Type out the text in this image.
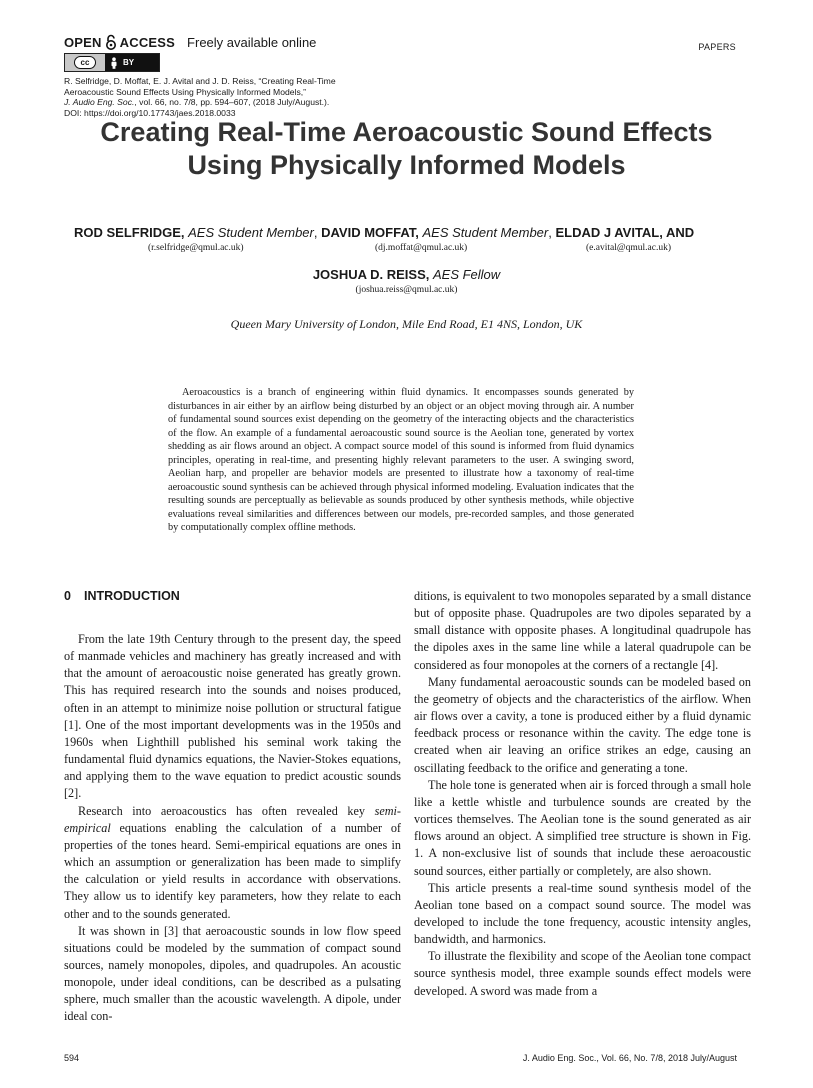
OPEN ACCESS Freely available online
cc	BY
PAPERS
R. Selfridge, D. Moffat, E. J. Avital and J. D. Reiss, “Creating Real-Time
Aeroacoustic Sound Effects Using Physically Informed Models,”
J. Audio Eng. Soc., vol. 66, no. 7/8, pp. 594–607, (2018 July/August.).
DOI: https://doi.org/10.17743/jaes.2018.0033
Creating Real-Time Aeroacoustic Sound Effects
Using Physically Informed Models
ROD SELFRIDGE, AES Student Member, DAVID MOFFAT, AES Student Member, ELDAD J AVITAL, AND
(r.selfridge@qmul.ac.uk)	(dj.moffat@qmul.ac.uk)	(e.avital@qmul.ac.uk)
JOSHUA D. REISS, AES Fellow
(joshua.reiss@qmul.ac.uk)
Queen Mary University of London, Mile End Road, E1 4NS, London, UK
Aeroacoustics is a branch of engineering within fluid dynamics. It encompasses sounds generated by disturbances in air either by an airflow being disturbed by an object or an object moving through air. A number of fundamental sound sources exist depending on the geometry of the interacting objects and the characteristics of the flow. An example of a fundamental aeroacoustic sound source is the Aeolian tone, generated by vortex shedding as air flows around an object. A compact source model of this sound is informed from fluid dynamics principles, operating in real-time, and presenting highly relevant parameters to the user. A swinging sword, Aeolian harp, and propeller are behavior models are presented to illustrate how a taxonomy of real-time aeroacoustic sound synthesis can be achieved through physical informed modeling. Evaluation indicates that the resulting sounds are perceptually as believable as sounds produced by other synthesis methods, while objective evaluations reveal similarities and differences between our models, pre-recorded samples, and those generated by computationally complex offline methods.
0 INTRODUCTION

From the late 19th Century through to the present day, the speed of manmade vehicles and machinery has greatly increased and with that the amount of aeroacoustic noise generated has greatly grown. This has required research into the sounds and noises produced, often in an attempt to minimize noise pollution or structural fatigue [1]. One of the most important developments was in the 1950s and 1960s when Lighthill published his seminal work taking the fundamental fluid dynamics equations, the Navier-Stokes equations, and applying them to the wave equation to predict acoustic sounds [2].

Research into aeroacoustics has often revealed key semi-empirical equations enabling the calculation of a number of properties of the tones heard. Semi-empirical equations are ones in which an assumption or generalization has been made to simplify the calculation or yield results in accordance with observations. They allow us to identify key parameters, how they relate to each other and to the sounds generated.

It was shown in [3] that aeroacoustic sounds in low flow speed situations could be modeled by the summation of compact sound sources, namely monopoles, dipoles, and quadrupoles. An acoustic monopole, under ideal conditions, can be described as a pulsating sphere, much smaller than the acoustic wavelength. A dipole, under ideal con-

ditions, is equivalent to two monopoles separated by a small distance but of opposite phase. Quadrupoles are two dipoles separated by a small distance with opposite phases. A longitudinal quadrupole has the dipoles axes in the same line while a lateral quadrupole can be considered as four monopoles at the corners of a rectangle [4].

Many fundamental aeroacoustic sounds can be modeled based on the geometry of objects and the characteristics of the airflow. When air flows over a cavity, a tone is produced either by a fluid dynamic feedback process or resonance within the cavity. The edge tone is created when air leaving an orifice strikes an edge, causing an oscillating feedback to the orifice and generating a tone.

The hole tone is generated when air is forced through a small hole like a kettle whistle and turbulence sounds are created by the vortices themselves. The Aeolian tone is the sound generated as air flows around an object. A simplified tree structure is shown in Fig. 1. A non-exclusive list of sounds that include these aeroacoustic sound sources, either partially or completely, are also shown.

This article presents a real-time sound synthesis model of the Aeolian tone based on a compact sound source. The model was developed to include the tone frequency, acoustic intensity angles, bandwidth, and harmonics.

To illustrate the flexibility and scope of the Aeolian tone compact source synthesis model, three example sounds effect models were developed. A sword was made from a

594	J. Audio Eng. Soc., Vol. 66, No. 7/8, 2018 July/August
